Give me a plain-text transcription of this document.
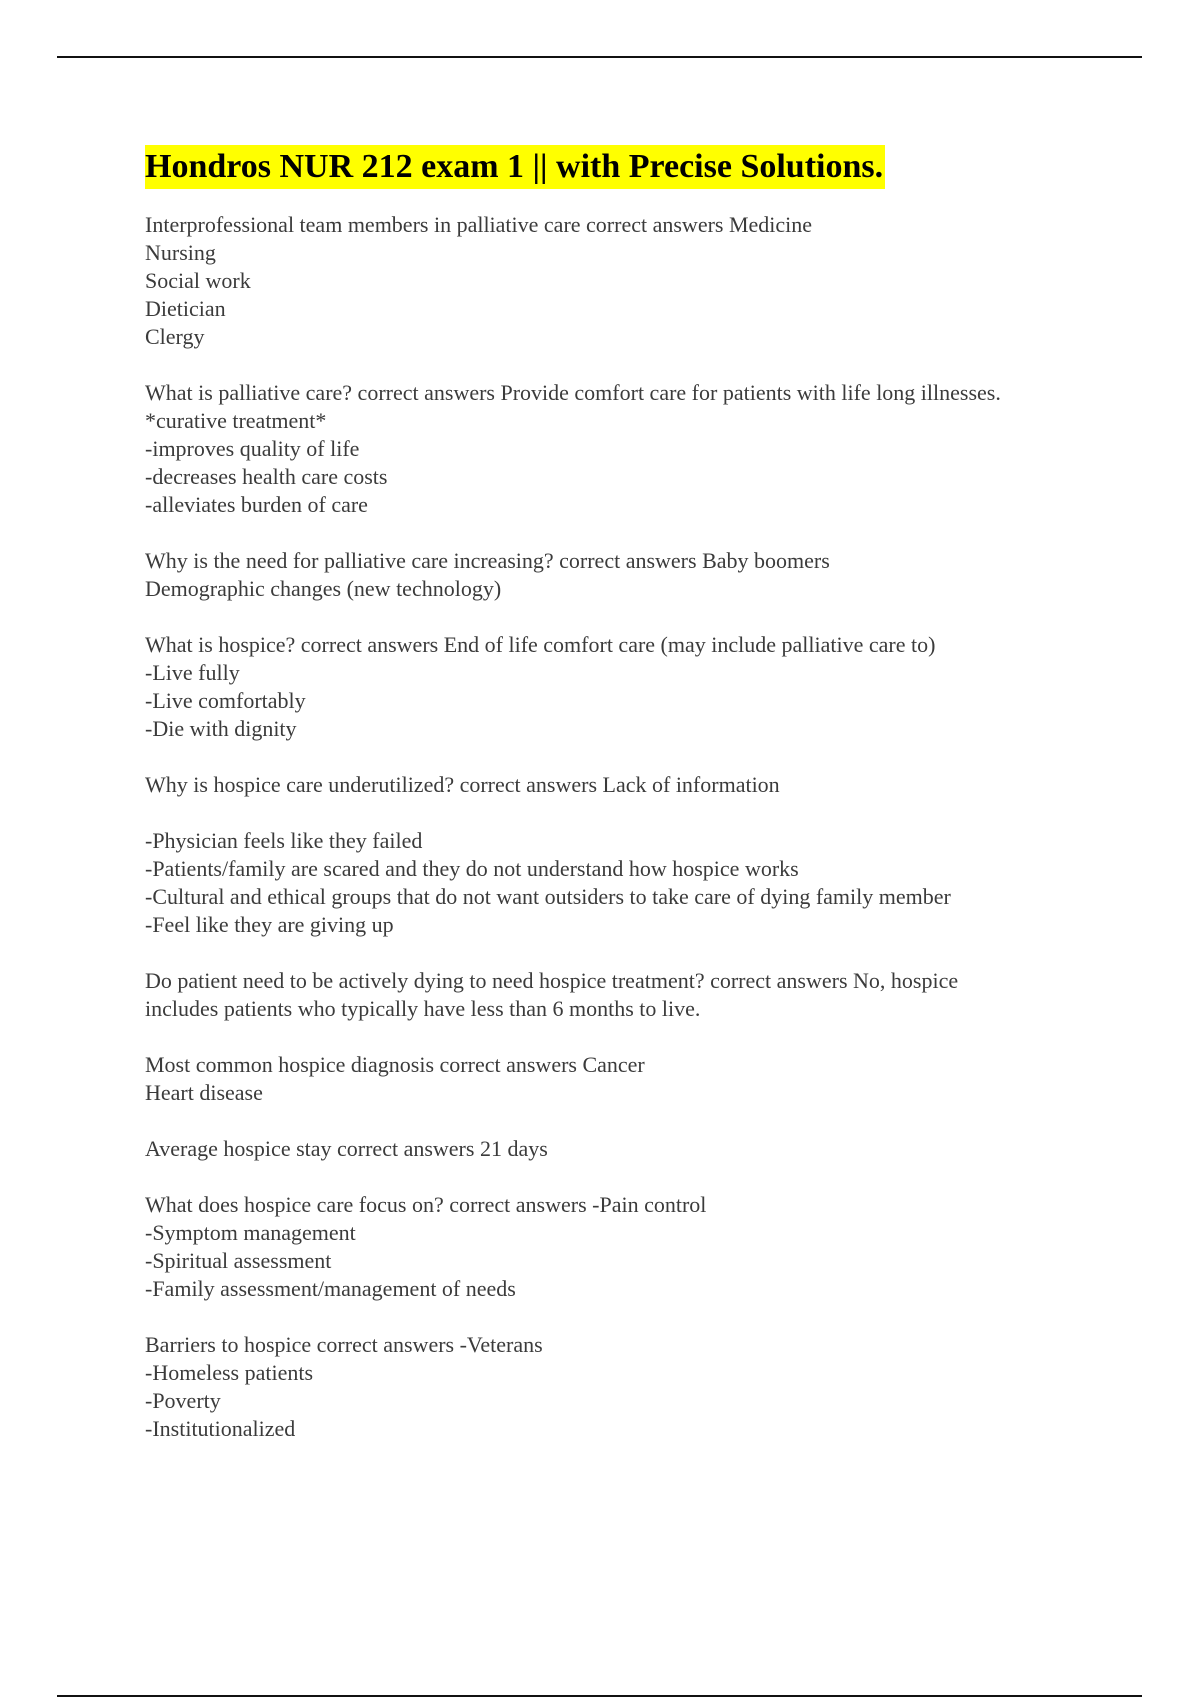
Hondros NUR 212 exam 1 || with Precise Solutions.

Interprofessional team members in palliative care correct answers Medicine

Nursing

Social work

Dietician

Clergy

What is palliative care? correct answers Provide comfort care for patients with life long illnesses.

*curative treatment*

-improves quality of life

-decreases health care costs

-alleviates burden of care

Why is the need for palliative care increasing? correct answers Baby boomers

Demographic changes (new technology)

What is hospice? correct answers End of life comfort care (may include palliative care to)

-Live fully

-Live comfortably

-Die with dignity

Why is hospice care underutilized? correct answers Lack of information

-Physician feels like they failed

-Patients/family are scared and they do not understand how hospice works

-Cultural and ethical groups that do not want outsiders to take care of dying family member

-Feel like they are giving up

Do patient need to be actively dying to need hospice treatment? correct answers No, hospice

includes patients who typically have less than 6 months to live.

Most common hospice diagnosis correct answers Cancer

Heart disease

Average hospice stay correct answers 21 days

What does hospice care focus on? correct answers -Pain control

-Symptom management

-Spiritual assessment

-Family assessment/management of needs

Barriers to hospice correct answers -Veterans

-Homeless patients

-Poverty

-Institutionalized
